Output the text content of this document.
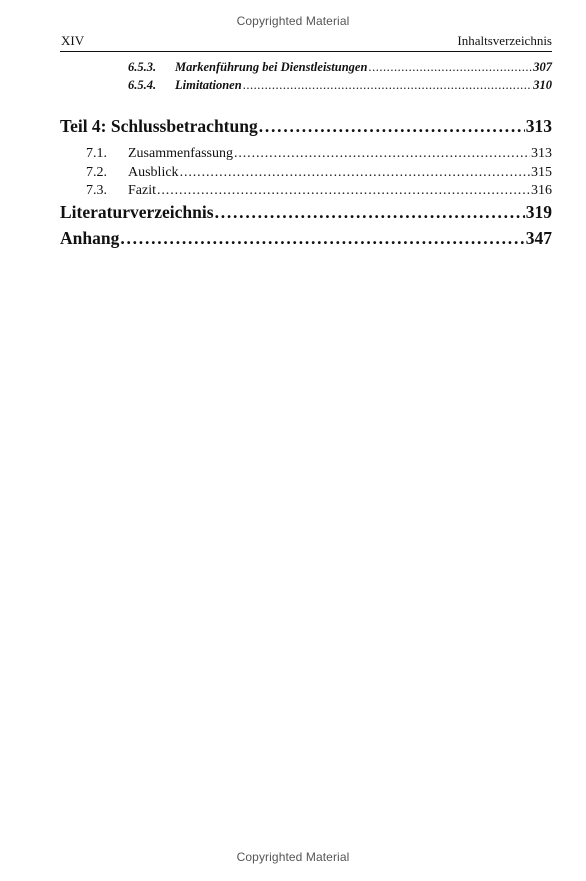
Copyrighted Material
XIV	Inhaltsverzeichnis
6.5.3.	Markenführung bei Dienstleistungen . . .	307
6.5.4.	Limitationen . . .	310
Teil 4: Schlussbetrachtung . . .	313
7.1.	Zusammenfassung . . .	313
7.2.	Ausblick . . .	315
7.3.	Fazit . . .	316
Literaturverzeichnis . . .	319
Anhang . . .	347
Copyrighted Material
